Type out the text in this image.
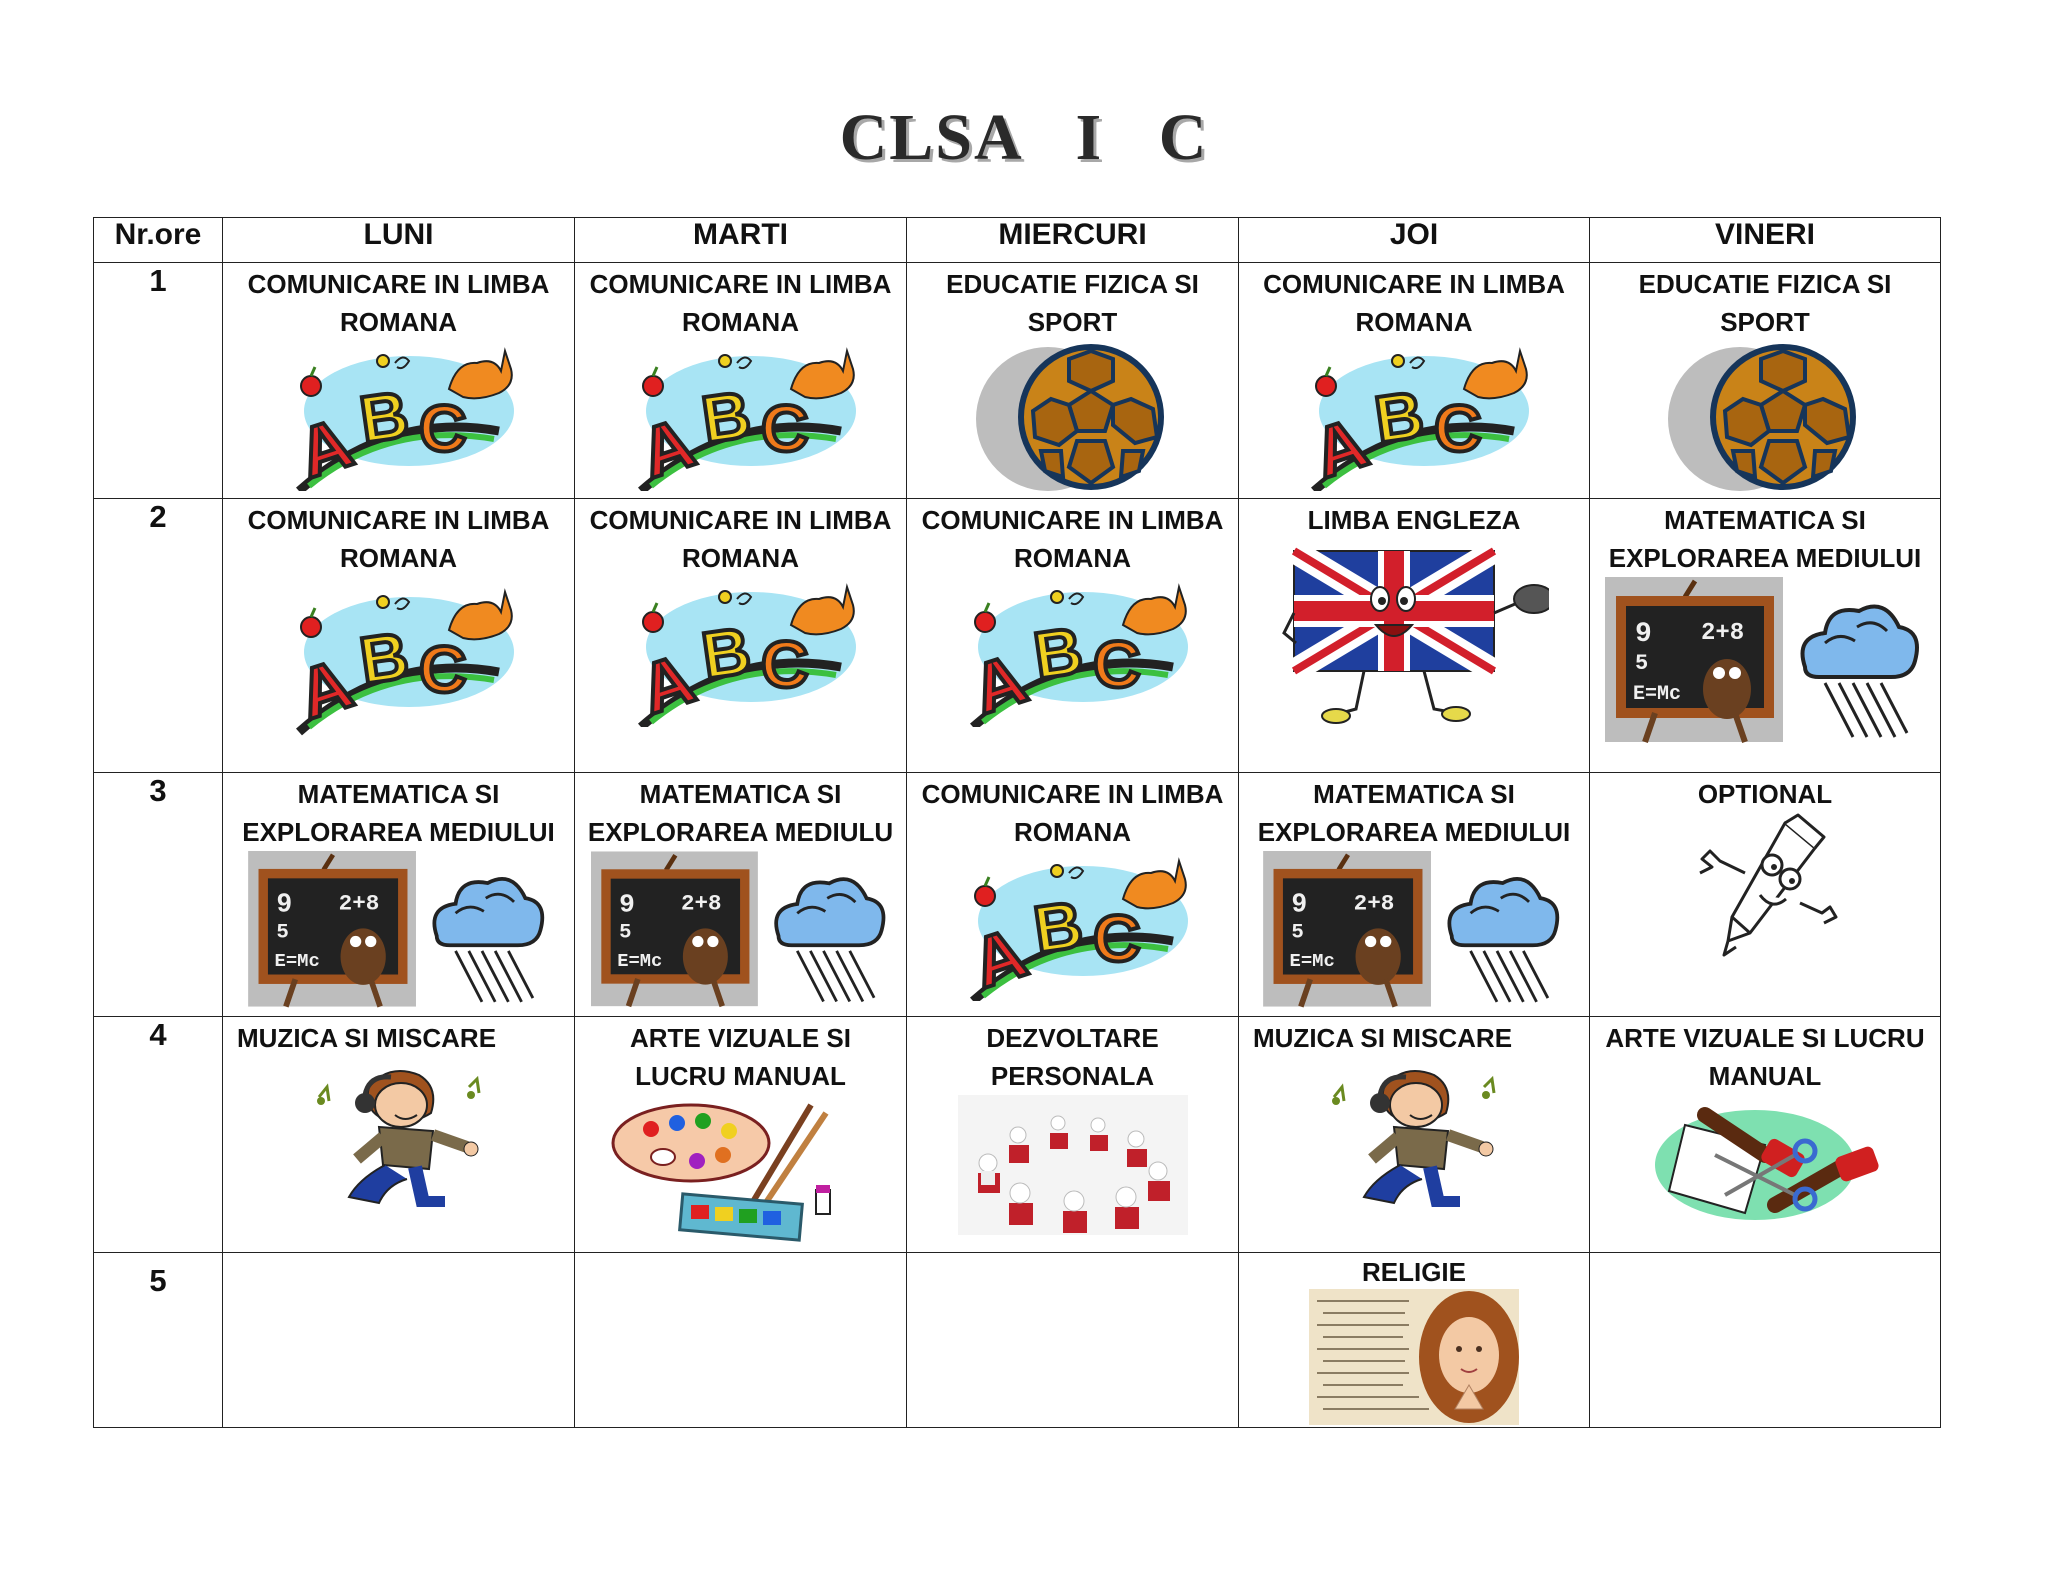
CLSA   I   C
Nr.ore	LUNI	MARTI	MIERCURI	JOI	VINERI
1	COMUNICARE IN LIMBA ROMANA	COMUNICARE IN LIMBA ROMANA	EDUCATIE FIZICA SI SPORT	COMUNICARE IN LIMBA ROMANA	EDUCATIE FIZICA SI SPORT

2	COMUNICARE IN LIMBA ROMANA	COMUNICARE IN LIMBA ROMANA	COMUNICARE IN LIMBA ROMANA	LIMBA ENGLEZA	MATEMATICA SI EXPLORAREA MEDIULUI

3	MATEMATICA SI EXPLORAREA MEDIULUI	MATEMATICA SI EXPLORAREA MEDIULU	COMUNICARE IN LIMBA ROMANA	MATEMATICA SI EXPLORAREA MEDIULUI	OPTIONAL

4	MUZICA SI MISCARE	ARTE VIZUALE SI LUCRU MANUAL	DEZVOLTARE PERSONALA	MUZICA SI MISCARE	ARTE VIZUALE SI LUCRU MANUAL

5				RELIGIE	
